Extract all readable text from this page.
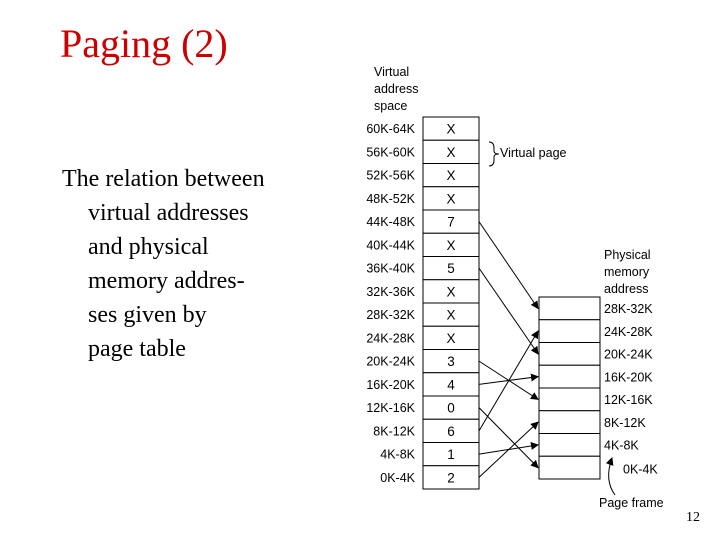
Paging (2)
The relation between
virtual addresses
and physical
memory addres-
ses given by
page table
Virtual
address
space
60K-64K X
56K-60K X
52K-56K X
48K-52K X
44K-48K 7
40K-44K X
36K-40K 5
32K-36K X
28K-32K X
24K-28K X
20K-24K 3
16K-20K 4
12K-16K 0
8K-12K 6
4K-8K 1
0K-4K 2
Virtual page
Physical
memory
address
28K-32K
24K-28K
20K-24K
16K-20K
12K-16K
8K-12K
4K-8K
0K-4K
Page frame
12
